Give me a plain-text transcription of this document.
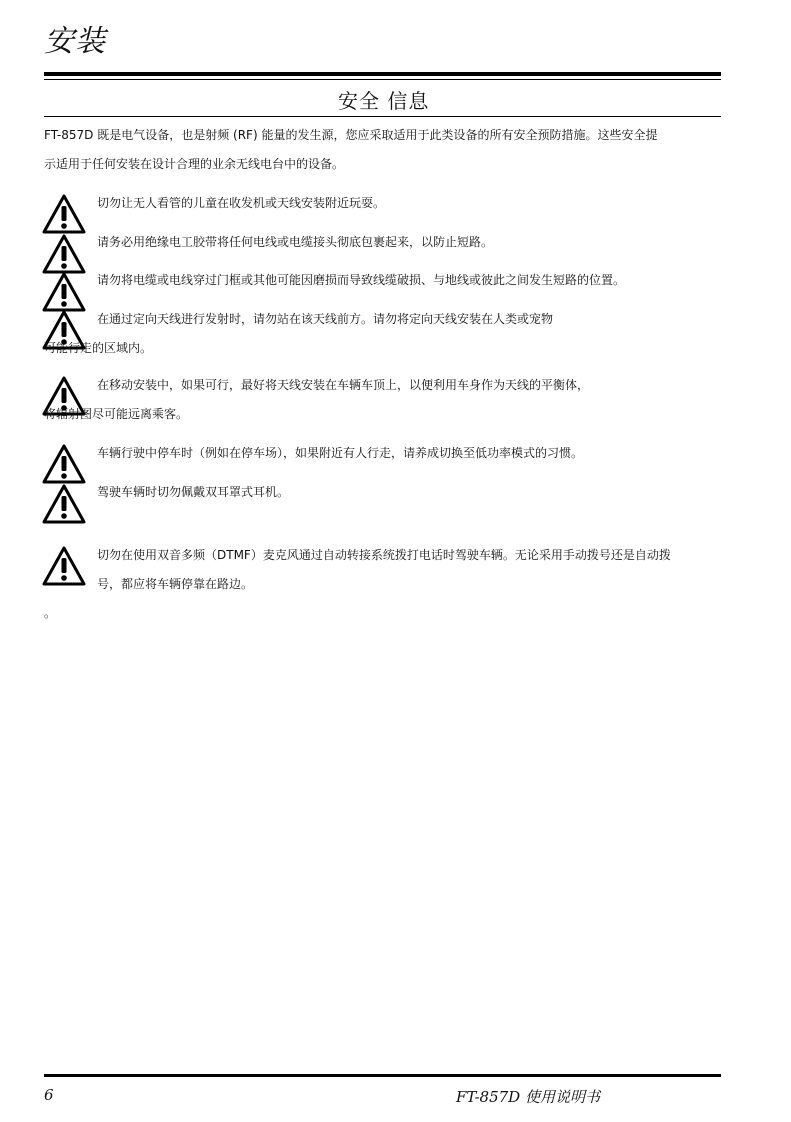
安装
安全 信息
FT-857D 既是电气设备，也是射频 (RF) 能量的发生源，您应采取适用于此类设备的所有安全预防措施。这些安全提
示适用于任何安装在设计合理的业余无线电台中的设备。
切勿让无人看管的儿童在收发机或天线安装附近玩耍。
请务必用绝缘电工胶带将任何电线或电缆接头彻底包裹起来，以防止短路。
请勿将电缆或电线穿过门框或其他可能因磨损而导致线缆破损、与地线或彼此之间发生短路的位置。
在通过定向天线进行发射时，请勿站在该天线前方。请勿将定向天线安装在人类或宠物
可能行走的区域内。
在移动安装中，如果可行，最好将天线安装在车辆车顶上，以便利用车身作为天线的平衡体，
将辐射图尽可能远离乘客。
车辆行驶中停车时（例如在停车场），如果附近有人行走，请养成切换至低功率模式的习惯。
驾驶车辆时切勿佩戴双耳罩式耳机。
切勿在使用双音多频（DTMF）麦克风通过自动转接系统拨打电话时驾驶车辆。无论采用手动拨号还是自动拨
号，都应将车辆停靠在路边。
。
6	FT-857D 使用说明书
